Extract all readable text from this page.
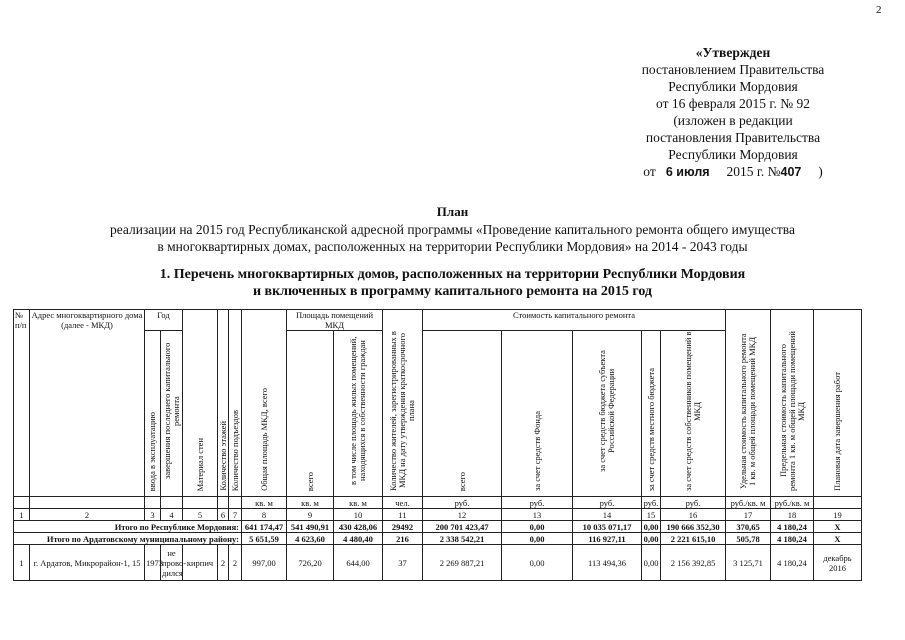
2
«Утвержден
постановлением Правительства
Республики Мордовия
от 16 февраля 2015 г. № 92
(изложен в редакции
постановления Правительства
Республики Мордовия
от 6 июля 2015 г. №407 )
План
реализации на 2015 год Республиканской адресной программы «Проведение капитального ремонта общего имущества
в многоквартирных домах, расположенных на территории Республики Мордовия» на 2014 - 2043 годы
1. Перечень многоквартирных домов, расположенных на территории Республики Мордовия
и включенных в программу капитального ремонта на 2015 год
№ п/п	Адрес многоквартирного дома (далее - МКД)	Год		Материал стен	Количество этажей	Количество подъездов	Общая площадь МКД, всего	Площадь помещений МКД		Количество жителей, зарегистрированных в МКД на дату утверждения краткосрочного плана	Стоимость капитального ремонта					Удельная стоимость капитального ремонта 1 кв. м общей площади помещений МКД	Предельная стоимость капитального ремонта 1 кв. м общей площади помещений МКД	Плановая дата завершения работ
		ввода в эксплуатацию	завершения последнего капитального ремонта					всего	в том числе площадь жилых помещений, находящихся в собственности граждан		всего	за счет средств Фонда	за счет средств бюджета субъекта Российской Федерации	за счет средств местного бюджета	за счет средств собственников помещений в МКД			
							кв. м	кв. м	кв. м	чел.	руб.	руб.	руб.	руб.	руб.	руб./кв. м	руб./кв. м	
1	2	3	4	5	6	7	8	9	10	11	12	13	14	15	16	17	18	19
Итого по Республике Мордовия:							641 174,47	541 490,91	430 428,06	29492	200 701 423,47	0,00	10 035 071,17	0,00	190 666 352,30	370,65	4 180,24	X
Итого по Ардатовскому муниципальному району:							5 651,59	4 623,60	4 480,40	216	2 338 542,21	0,00	116 927,11	0,00	2 221 615,10	505,78	4 180,24	X
1	г. Ардатов, Микрорайон-1, 15	1973	не прово-дился	кирпич	2	2	997,00	726,20	644,00	37	2 269 887,21	0,00	113 494,36	0,00	2 156 392,85	3 125,71	4 180,24	декабрь 2016
